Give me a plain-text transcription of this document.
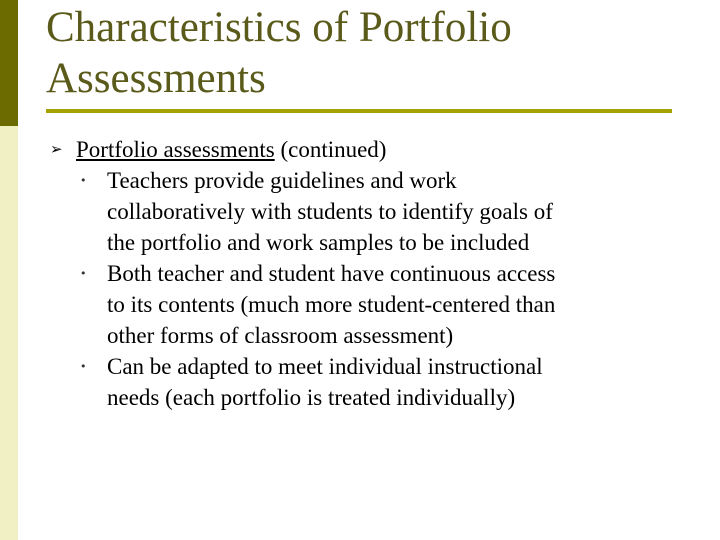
Characteristics of Portfolio
Assessments
➢ Portfolio assessments (continued)
• Teachers provide guidelines and work
collaboratively with students to identify goals of
the portfolio and work samples to be included
• Both teacher and student have continuous access
to its contents (much more student-centered than
other forms of classroom assessment)
• Can be adapted to meet individual instructional
needs (each portfolio is treated individually)
